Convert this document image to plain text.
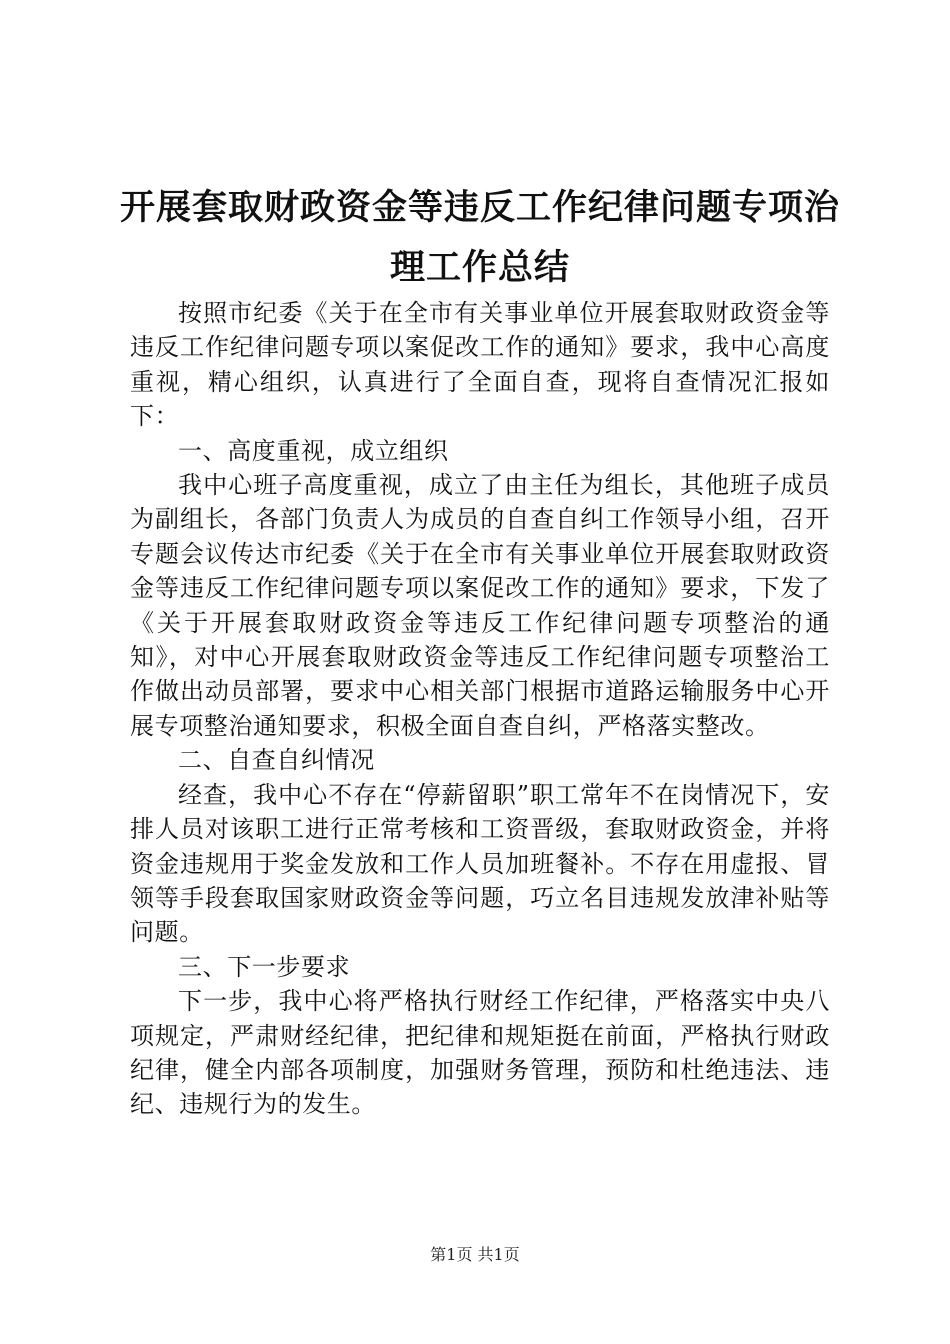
开展套取财政资金等违反工作纪律问题专项治
理工作总结

按照市纪委《关于在全市有关事业单位开展套取财政资金等违反工作纪律问题专项以案促改工作的通知》要求，我中心高度重视，精心组织，认真进行了全面自查，现将自查情况汇报如下：

一、高度重视，成立组织

我中心班子高度重视，成立了由主任为组长，其他班子成员为副组长，各部门负责人为成员的自查自纠工作领导小组，召开专题会议传达市纪委《关于在全市有关事业单位开展套取财政资金等违反工作纪律问题专项以案促改工作的通知》要求，下发了《关于开展套取财政资金等违反工作纪律问题专项整治的通知》，对中心开展套取财政资金等违反工作纪律问题专项整治工作做出动员部署，要求中心相关部门根据市道路运输服务中心开展专项整治通知要求，积极全面自查自纠，严格落实整改。

二、自查自纠情况

经查，我中心不存在“停薪留职”职工常年不在岗情况下，安排人员对该职工进行正常考核和工资晋级，套取财政资金，并将资金违规用于奖金发放和工作人员加班餐补。不存在用虚报、冒领等手段套取国家财政资金等问题，巧立名目违规发放津补贴等问题。

三、下一步要求

下一步，我中心将严格执行财经工作纪律，严格落实中央八项规定，严肃财经纪律，把纪律和规矩挺在前面，严格执行财政纪律，健全内部各项制度，加强财务管理，预防和杜绝违法、违纪、违规行为的发生。

第1页 共1页
